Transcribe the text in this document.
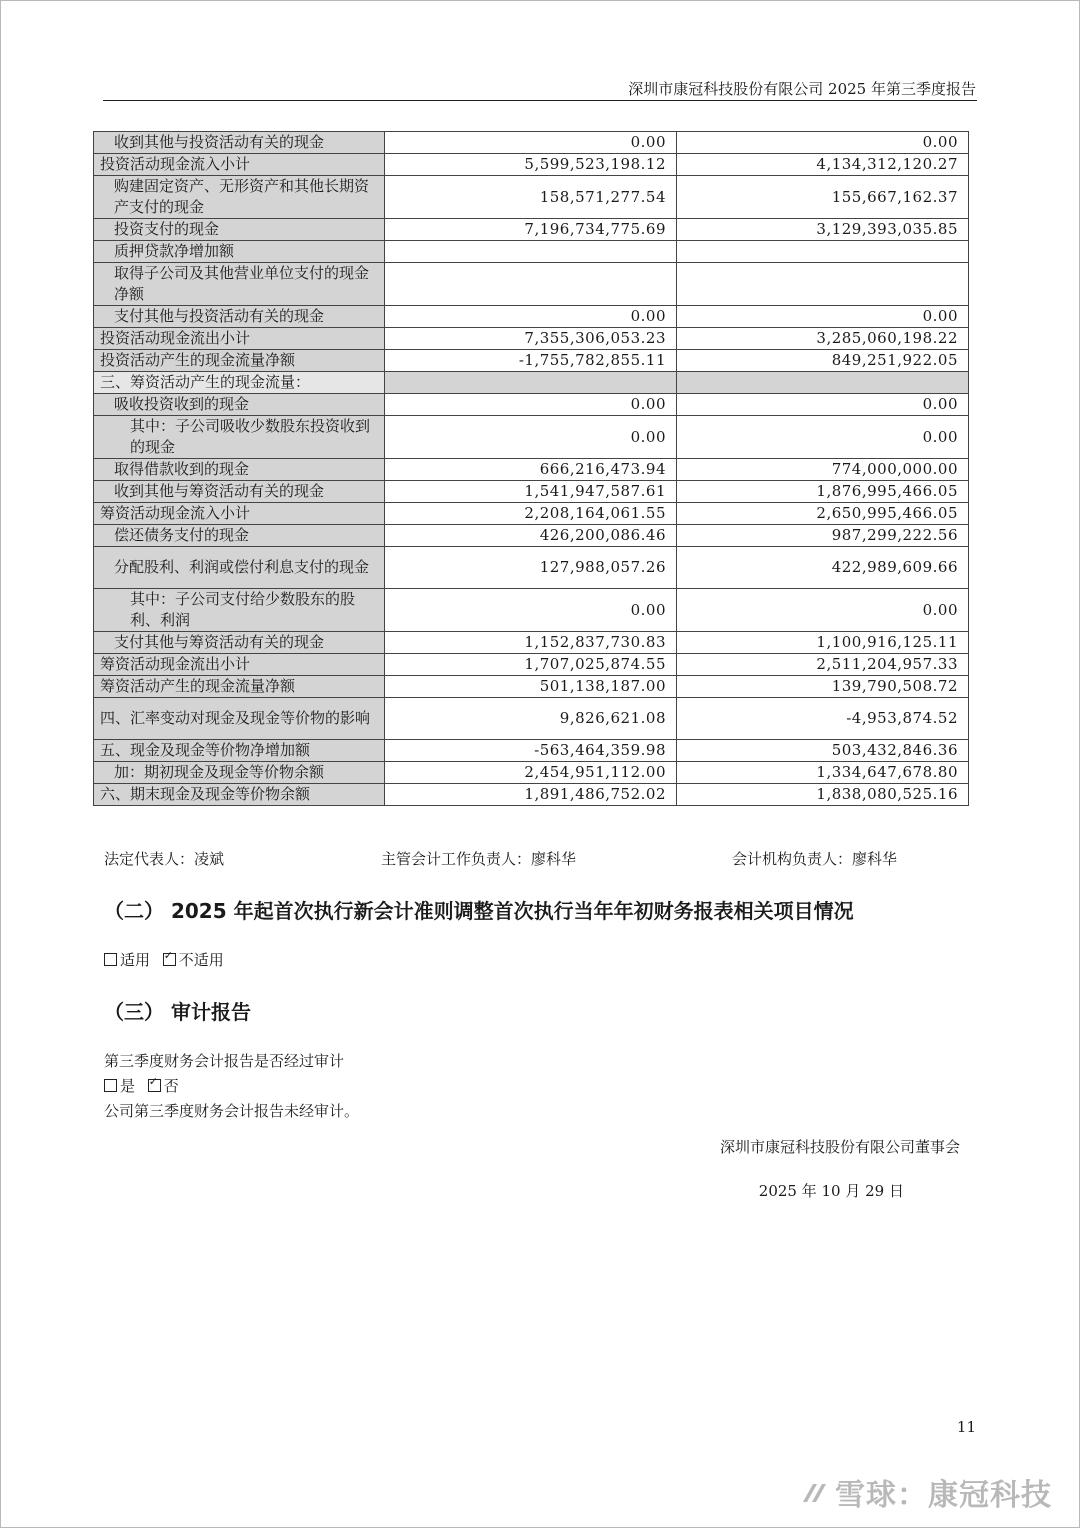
深圳市康冠科技股份有限公司 2025 年第三季度报告
收到其他与投资活动有关的现金	0.00	0.00
投资活动现金流入小计	5,599,523,198.12	4,134,312,120.27
购建固定资产、无形资产和其他长期资产支付的现金	158,571,277.54	155,667,162.37
投资支付的现金	7,196,734,775.69	3,129,393,035.85
质押贷款净增加额		
取得子公司及其他营业单位支付的现金净额		
支付其他与投资活动有关的现金	0.00	0.00
投资活动现金流出小计	7,355,306,053.23	3,285,060,198.22
投资活动产生的现金流量净额	-1,755,782,855.11	849,251,922.05
三、筹资活动产生的现金流量：		
吸收投资收到的现金	0.00	0.00
其中：子公司吸收少数股东投资收到的现金	0.00	0.00
取得借款收到的现金	666,216,473.94	774,000,000.00
收到其他与筹资活动有关的现金	1,541,947,587.61	1,876,995,466.05
筹资活动现金流入小计	2,208,164,061.55	2,650,995,466.05
偿还债务支付的现金	426,200,086.46	987,299,222.56
分配股利、利润或偿付利息支付的现金	127,988,057.26	422,989,609.66
其中：子公司支付给少数股东的股利、利润	0.00	0.00
支付其他与筹资活动有关的现金	1,152,837,730.83	1,100,916,125.11
筹资活动现金流出小计	1,707,025,874.55	2,511,204,957.33
筹资活动产生的现金流量净额	501,138,187.00	139,790,508.72
四、汇率变动对现金及现金等价物的影响	9,826,621.08	-4,953,874.52
五、现金及现金等价物净增加额	-563,464,359.98	503,432,846.36
加：期初现金及现金等价物余额	2,454,951,112.00	1,334,647,678.80
六、期末现金及现金等价物余额	1,891,486,752.02	1,838,080,525.16
法定代表人：凌斌	主管会计工作负责人：廖科华	会计机构负责人：廖科华
（二） 2025 年起首次执行新会计准则调整首次执行当年年初财务报表相关项目情况
适用 ✓ 不适用
（三） 审计报告
第三季度财务会计报告是否经过审计
是 ✓ 否
公司第三季度财务会计报告未经审计。
深圳市康冠科技股份有限公司董事会
2025 年 10 月 29 日
11
雪球：康冠科技
